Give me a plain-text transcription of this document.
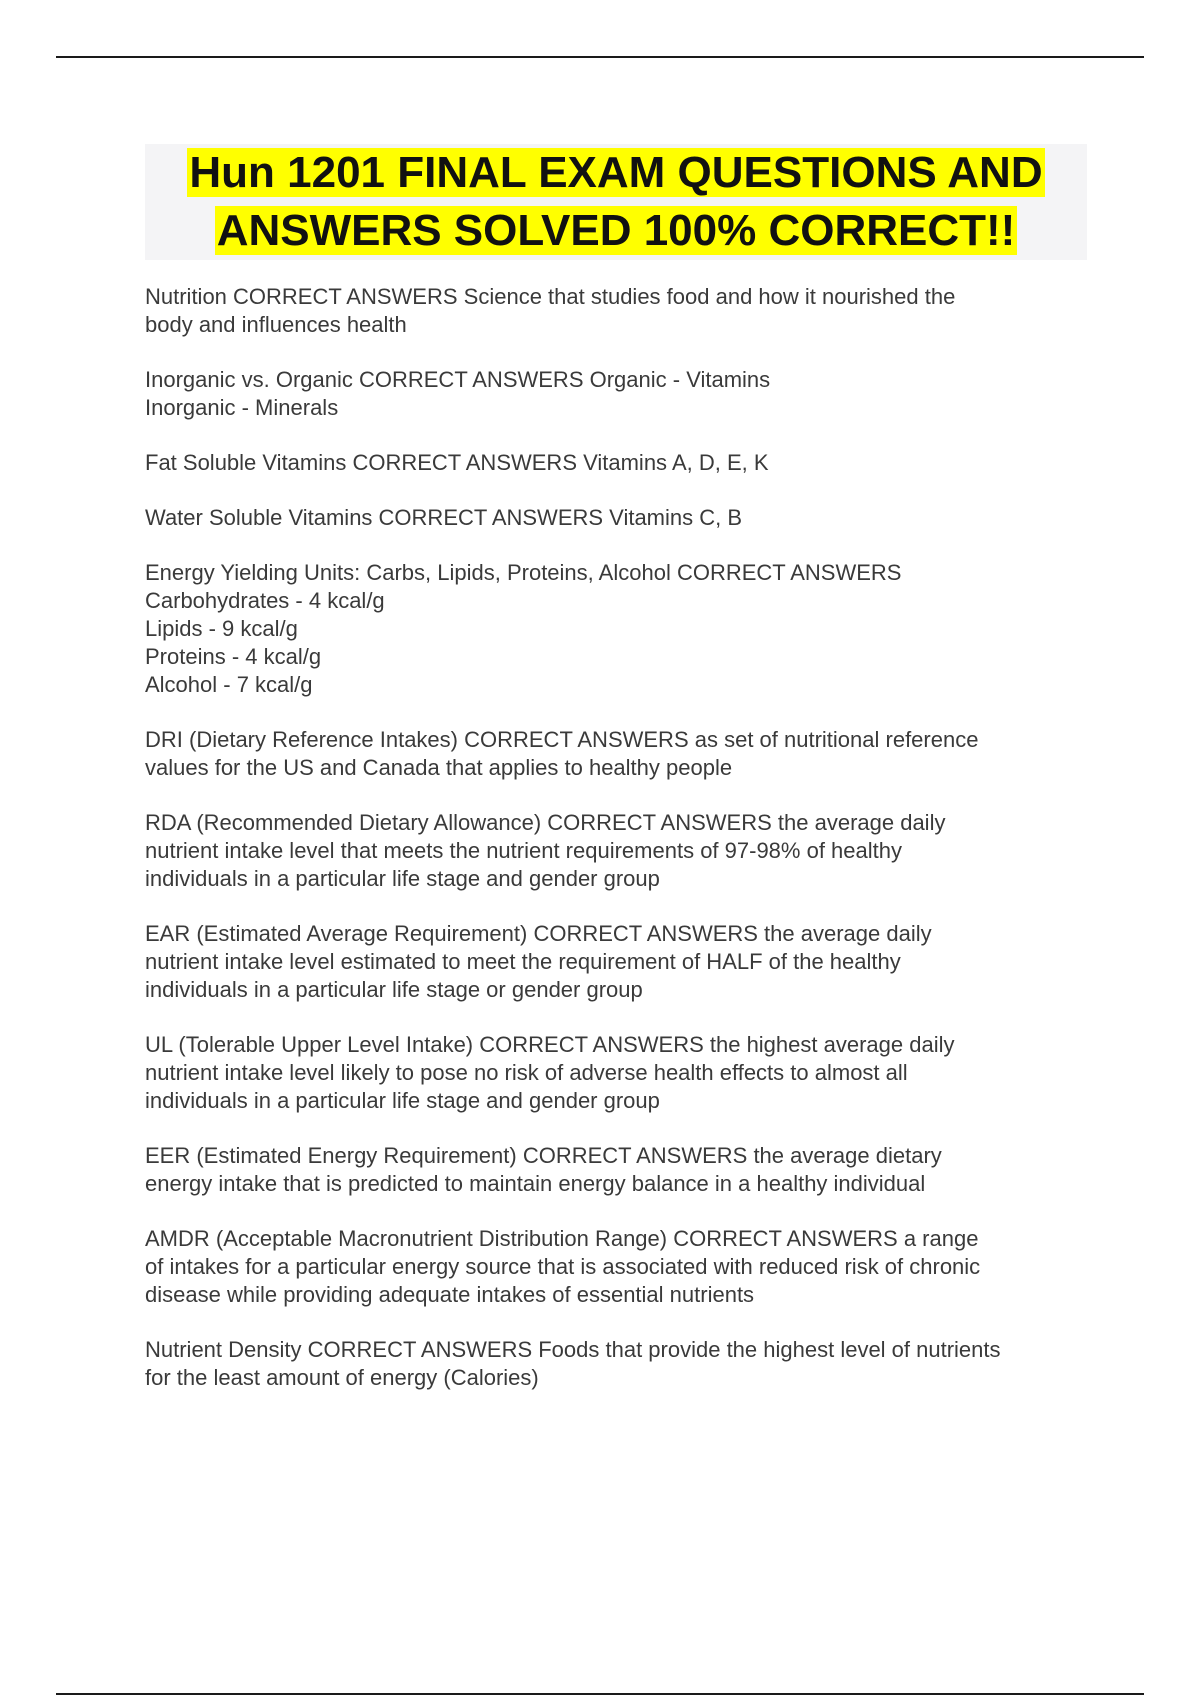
Hun 1201 FINAL EXAM QUESTIONS AND

ANSWERS SOLVED 100% CORRECT!!

Nutrition CORRECT ANSWERS Science that studies food and how it nourished the
body and influences health

Inorganic vs. Organic CORRECT ANSWERS Organic - Vitamins
Inorganic - Minerals

Fat Soluble Vitamins CORRECT ANSWERS Vitamins A, D, E, K

Water Soluble Vitamins CORRECT ANSWERS Vitamins C, B

Energy Yielding Units: Carbs, Lipids, Proteins, Alcohol CORRECT ANSWERS
Carbohydrates - 4 kcal/g
Lipids - 9 kcal/g
Proteins - 4 kcal/g
Alcohol - 7 kcal/g

DRI (Dietary Reference Intakes) CORRECT ANSWERS as set of nutritional reference
values for the US and Canada that applies to healthy people

RDA (Recommended Dietary Allowance) CORRECT ANSWERS the average daily
nutrient intake level that meets the nutrient requirements of 97-98% of healthy
individuals in a particular life stage and gender group

EAR (Estimated Average Requirement) CORRECT ANSWERS the average daily
nutrient intake level estimated to meet the requirement of HALF of the healthy
individuals in a particular life stage or gender group

UL (Tolerable Upper Level Intake) CORRECT ANSWERS the highest average daily
nutrient intake level likely to pose no risk of adverse health effects to almost all
individuals in a particular life stage and gender group

EER (Estimated Energy Requirement) CORRECT ANSWERS the average dietary
energy intake that is predicted to maintain energy balance in a healthy individual

AMDR (Acceptable Macronutrient Distribution Range) CORRECT ANSWERS a range
of intakes for a particular energy source that is associated with reduced risk of chronic
disease while providing adequate intakes of essential nutrients

Nutrient Density CORRECT ANSWERS Foods that provide the highest level of nutrients
for the least amount of energy (Calories)
